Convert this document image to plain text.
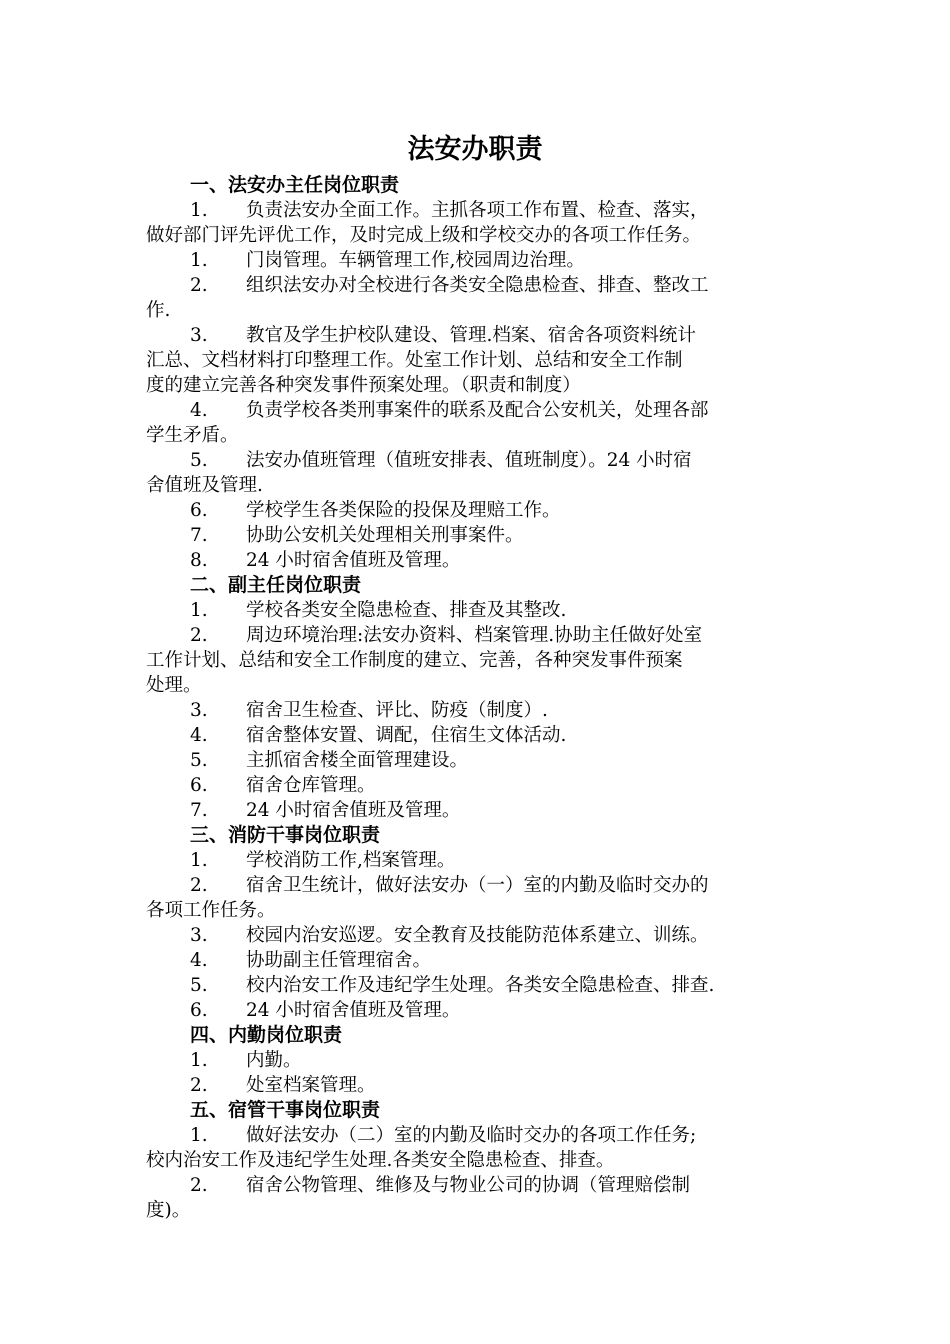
法安办职责
一、法安办主任岗位职责
1. 负责法安办全面工作。主抓各项工作布置、检查、落实，
做好部门评先评优工作，及时完成上级和学校交办的各项工作任务。
1. 门岗管理。车辆管理工作,校园周边治理。
2. 组织法安办对全校进行各类安全隐患检查、排查、整改工
作.
3. 教官及学生护校队建设、管理.档案、宿舍各项资料统计
汇总、文档材料打印整理工作。处室工作计划、总结和安全工作制
度的建立完善各种突发事件预案处理。（职责和制度）
4. 负责学校各类刑事案件的联系及配合公安机关，处理各部
学生矛盾。
5. 法安办值班管理（值班安排表、值班制度）。24 小时宿
舍值班及管理.
6. 学校学生各类保险的投保及理赔工作。
7. 协助公安机关处理相关刑事案件。
8. 24 小时宿舍值班及管理。
二、副主任岗位职责
1. 学校各类安全隐患检查、排查及其整改.
2. 周边环境治理:法安办资料、档案管理.协助主任做好处室
工作计划、总结和安全工作制度的建立、完善，各种突发事件预案
处理。
3. 宿舍卫生检查、评比、防疫（制度）.
4. 宿舍整体安置、调配，住宿生文体活动.
5. 主抓宿舍楼全面管理建设。
6. 宿舍仓库管理。
7. 24 小时宿舍值班及管理。
三、消防干事岗位职责
1. 学校消防工作,档案管理。
2. 宿舍卫生统计，做好法安办（一）室的内勤及临时交办的
各项工作任务。
3. 校园内治安巡逻。安全教育及技能防范体系建立、训练。
4. 协助副主任管理宿舍。
5. 校内治安工作及违纪学生处理。各类安全隐患检查、排查.
6. 24 小时宿舍值班及管理。
四、内勤岗位职责
1. 内勤。
2. 处室档案管理。
五、宿管干事岗位职责
1. 做好法安办（二）室的内勤及临时交办的各项工作任务;
校内治安工作及违纪学生处理.各类安全隐患检查、排查。
2. 宿舍公物管理、维修及与物业公司的协调（管理赔偿制
度)。
